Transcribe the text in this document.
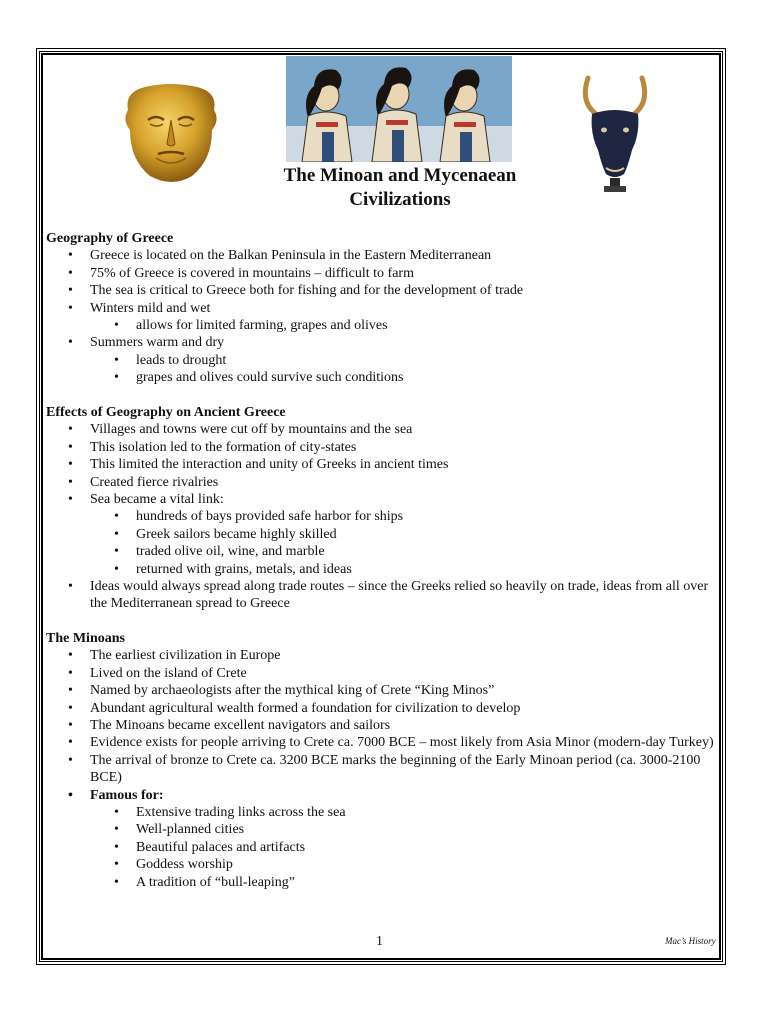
The Minoan and Mycenaean
Civilizations

Geography of Greece

• Greece is located on the Balkan Peninsula in the Eastern Mediterranean
• 75% of Greece is covered in mountains – difficult to farm
• The sea is critical to Greece both for fishing and for the development of trade
• Winters mild and wet
• allows for limited farming, grapes and olives
• Summers warm and dry
• leads to drought
• grapes and olives could survive such conditions

Effects of Geography on Ancient Greece

• Villages and towns were cut off by mountains and the sea
• This isolation led to the formation of city-states
• This limited the interaction and unity of Greeks in ancient times
• Created fierce rivalries
• Sea became a vital link:
• hundreds of bays provided safe harbor for ships
• Greek sailors became highly skilled
• traded olive oil, wine, and marble
• returned with grains, metals, and ideas
• Ideas would always spread along trade routes – since the Greeks relied so heavily on trade, ideas from all over the Mediterranean spread to Greece

The Minoans

• The earliest civilization in Europe
• Lived on the island of Crete
• Named by archaeologists after the mythical king of Crete “King Minos”
• Abundant agricultural wealth formed a foundation for civilization to develop
• The Minoans became excellent navigators and sailors
• Evidence exists for people arriving to Crete ca. 7000 BCE – most likely from Asia Minor (modern-day Turkey)
• The arrival of bronze to Crete ca. 3200 BCE marks the beginning of the Early Minoan period (ca. 3000-2100 BCE)
• Famous for:
• Extensive trading links across the sea
• Well-planned cities
• Beautiful palaces and artifacts
• Goddess worship
• A tradition of “bull-leaping”
1	Mac’s History
